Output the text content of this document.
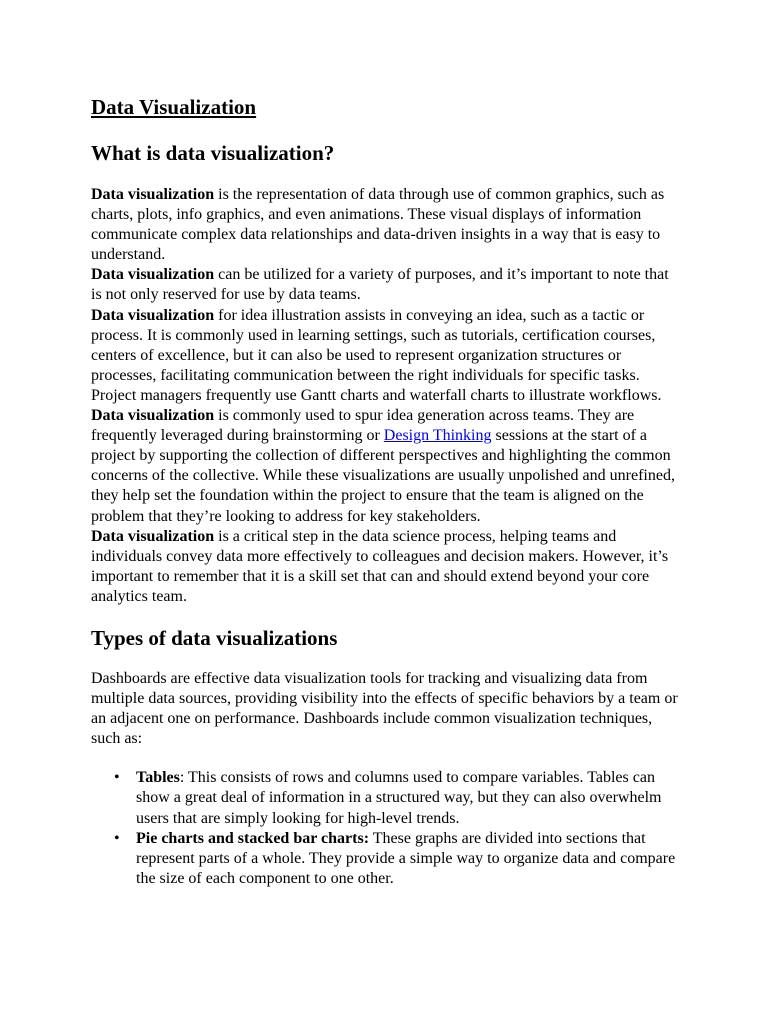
Data Visualization
What is data visualization?

Data visualization is the representation of data through use of common graphics, such as charts, plots, info graphics, and even animations. These visual displays of information communicate complex data relationships and data-driven insights in a way that is easy to understand.

Data visualization can be utilized for a variety of purposes, and it’s important to note that is not only reserved for use by data teams.

Data visualization for idea illustration assists in conveying an idea, such as a tactic or process. It is commonly used in learning settings, such as tutorials, certification courses, centers of excellence, but it can also be used to represent organization structures or processes, facilitating communication between the right individuals for specific tasks. Project managers frequently use Gantt charts and waterfall charts to illustrate workflows.

Data visualization is commonly used to spur idea generation across teams. They are frequently leveraged during brainstorming or Design Thinking sessions at the start of a project by supporting the collection of different perspectives and highlighting the common concerns of the collective. While these visualizations are usually unpolished and unrefined, they help set the foundation within the project to ensure that the team is aligned on the problem that they’re looking to address for key stakeholders.

Data visualization is a critical step in the data science process, helping teams and individuals convey data more effectively to colleagues and decision makers. However, it’s important to remember that it is a skill set that can and should extend beyond your core analytics team.

Types of data visualizations

Dashboards are effective data visualization tools for tracking and visualizing data from multiple data sources, providing visibility into the effects of specific behaviors by a team or an adjacent one on performance. Dashboards include common visualization techniques, such as:

• Tables: This consists of rows and columns used to compare variables. Tables can show a great deal of information in a structured way, but they can also overwhelm users that are simply looking for high-level trends.
• Pie charts and stacked bar charts: These graphs are divided into sections that represent parts of a whole. They provide a simple way to organize data and compare the size of each component to one other.
